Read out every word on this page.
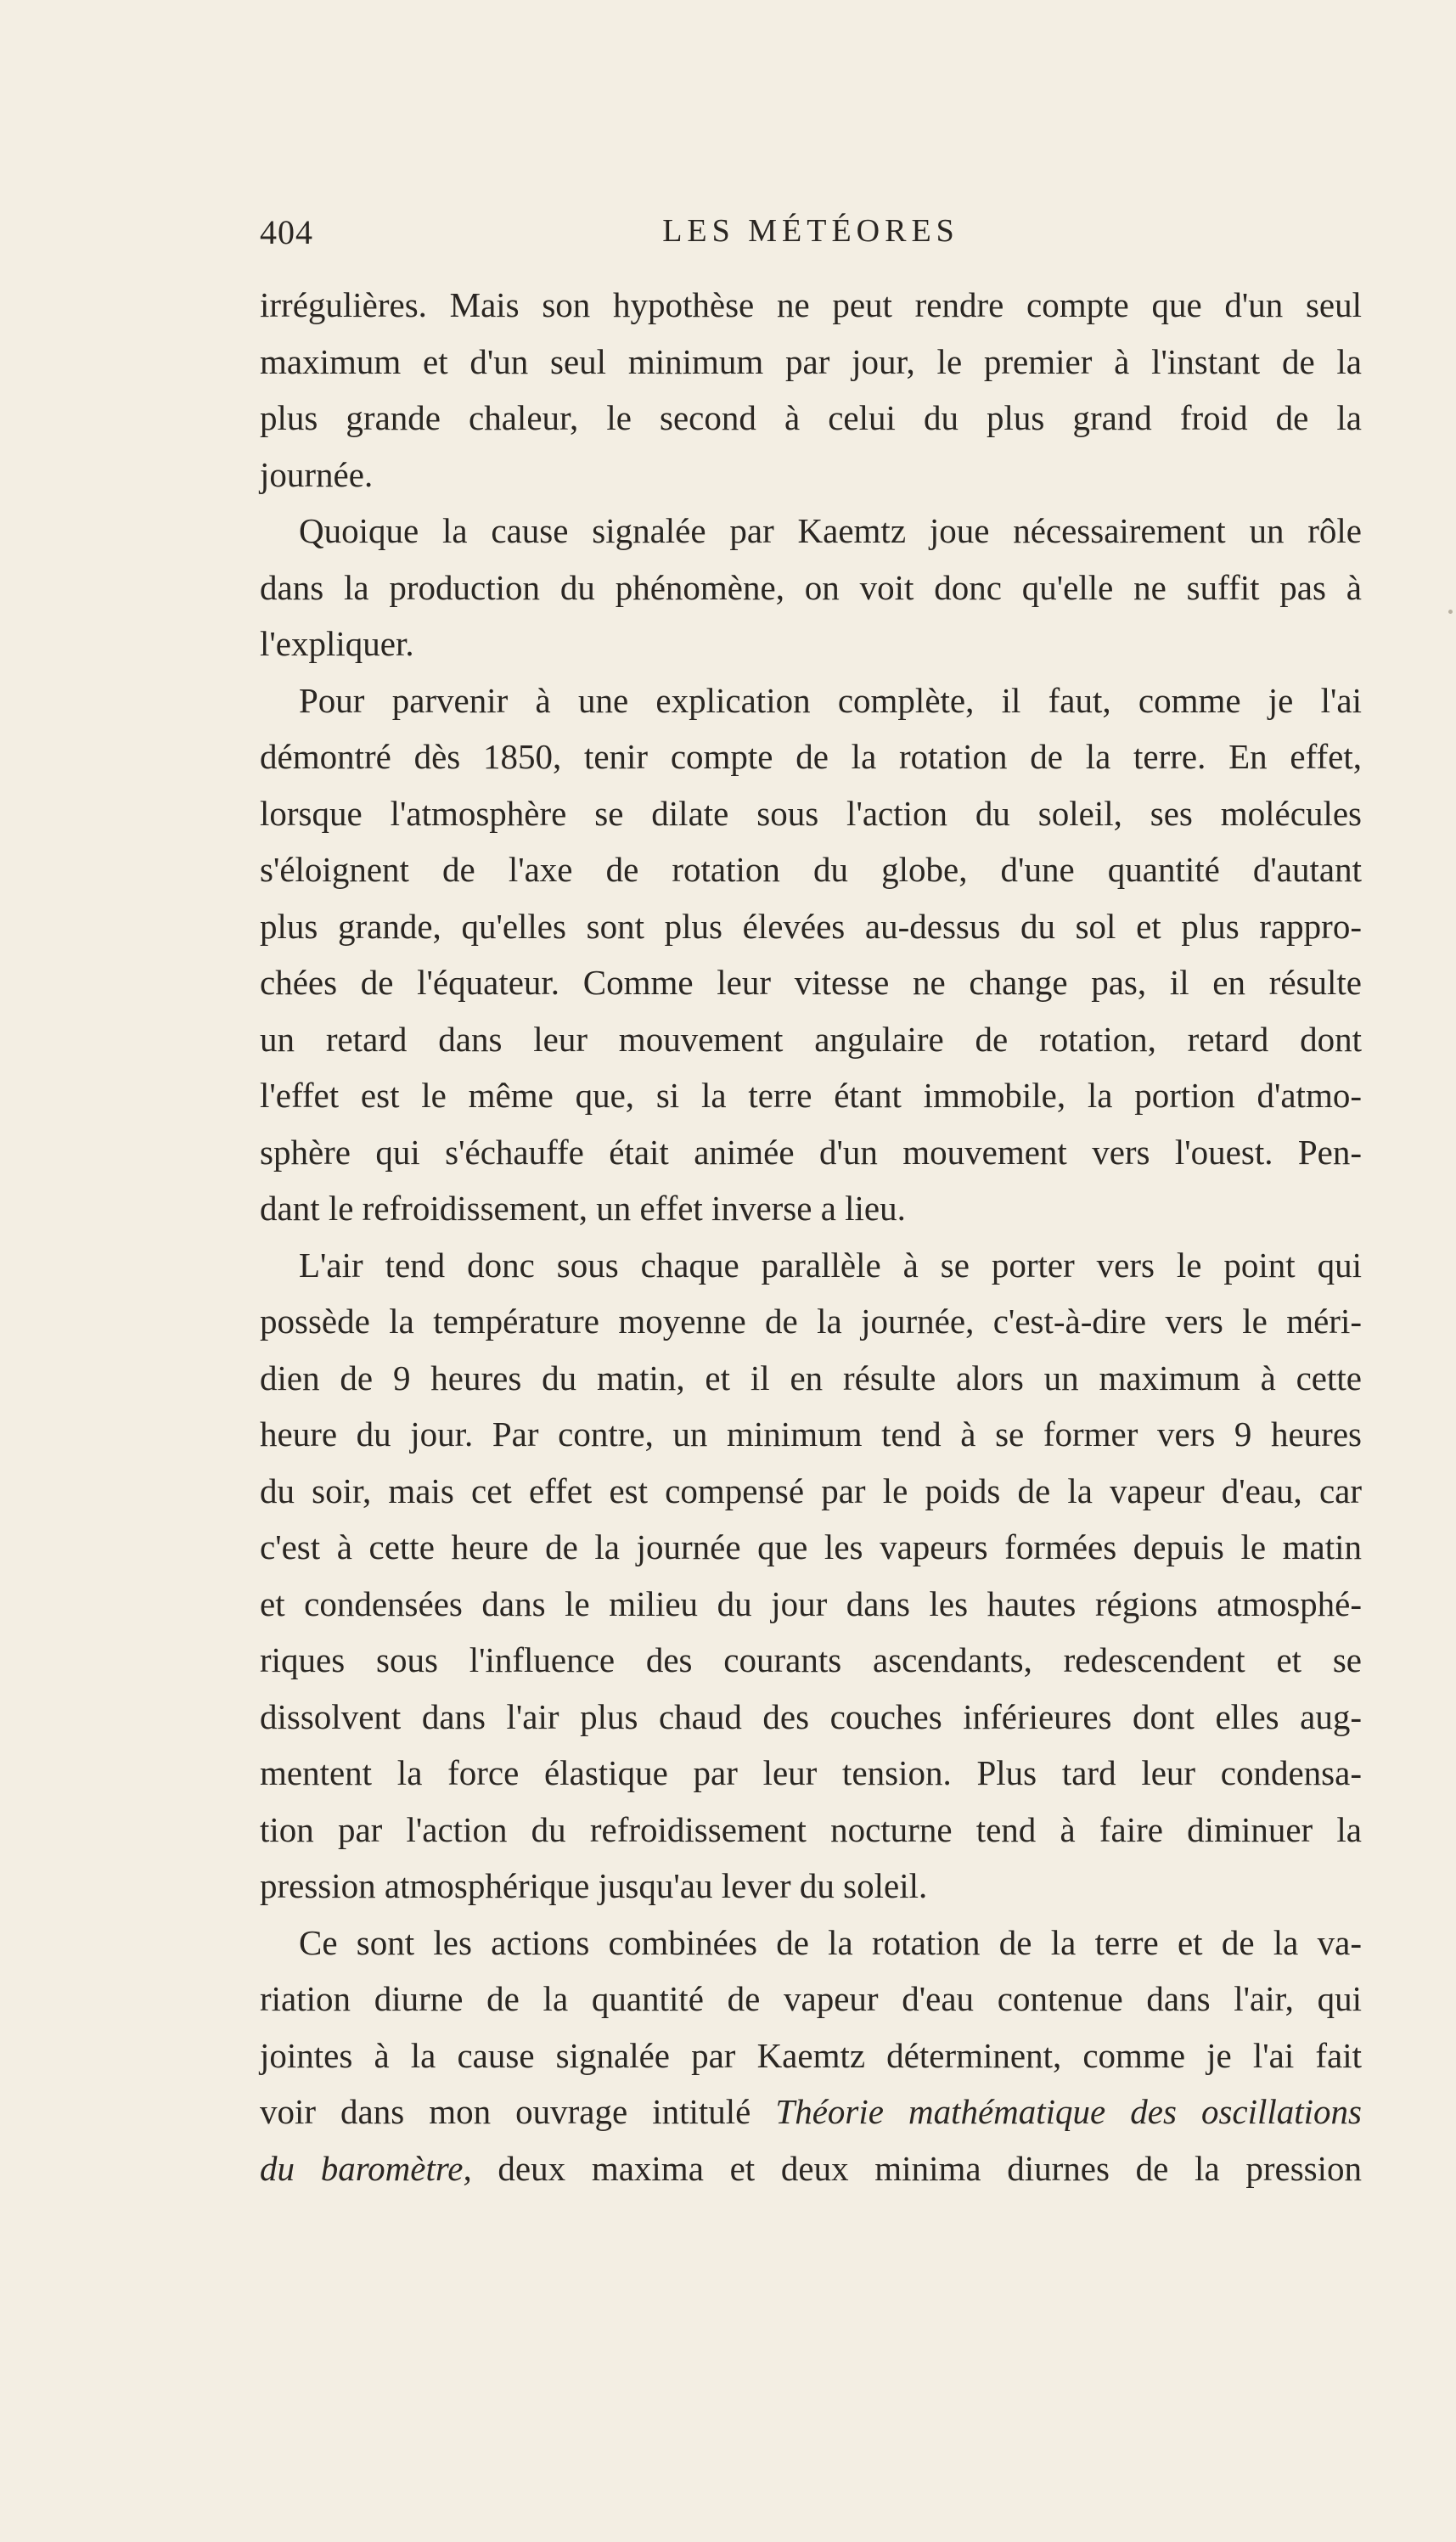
404	LES MÉTÉORES
irrégulières. Mais son hypothèse ne peut rendre compte que d'un seul
maximum et d'un seul minimum par jour, le premier à l'instant de la
plus grande chaleur, le second à celui du plus grand froid de la
journée.
Quoique la cause signalée par Kaemtz joue nécessairement un rôle
dans la production du phénomène, on voit donc qu'elle ne suffit pas à
l'expliquer.
Pour parvenir à une explication complète, il faut, comme je l'ai
démontré dès 1850, tenir compte de la rotation de la terre. En effet,
lorsque l'atmosphère se dilate sous l'action du soleil, ses molécules
s'éloignent de l'axe de rotation du globe, d'une quantité d'autant
plus grande, qu'elles sont plus élevées au-dessus du sol et plus rappro-
chées de l'équateur. Comme leur vitesse ne change pas, il en résulte
un retard dans leur mouvement angulaire de rotation, retard dont
l'effet est le même que, si la terre étant immobile, la portion d'atmo-
sphère qui s'échauffe était animée d'un mouvement vers l'ouest. Pen-
dant le refroidissement, un effet inverse a lieu.
L'air tend donc sous chaque parallèle à se porter vers le point qui
possède la température moyenne de la journée, c'est-à-dire vers le méri-
dien de 9 heures du matin, et il en résulte alors un maximum à cette
heure du jour. Par contre, un minimum tend à se former vers 9 heures
du soir, mais cet effet est compensé par le poids de la vapeur d'eau, car
c'est à cette heure de la journée que les vapeurs formées depuis le matin
et condensées dans le milieu du jour dans les hautes régions atmosphé-
riques sous l'influence des courants ascendants, redescendent et se
dissolvent dans l'air plus chaud des couches inférieures dont elles aug-
mentent la force élastique par leur tension. Plus tard leur condensa-
tion par l'action du refroidissement nocturne tend à faire diminuer la
pression atmosphérique jusqu'au lever du soleil.
Ce sont les actions combinées de la rotation de la terre et de la va-
riation diurne de la quantité de vapeur d'eau contenue dans l'air, qui
jointes à la cause signalée par Kaemtz déterminent, comme je l'ai fait
voir dans mon ouvrage intitulé Théorie mathématique des oscillations
du baromètre, deux maxima et deux minima diurnes de la pression
